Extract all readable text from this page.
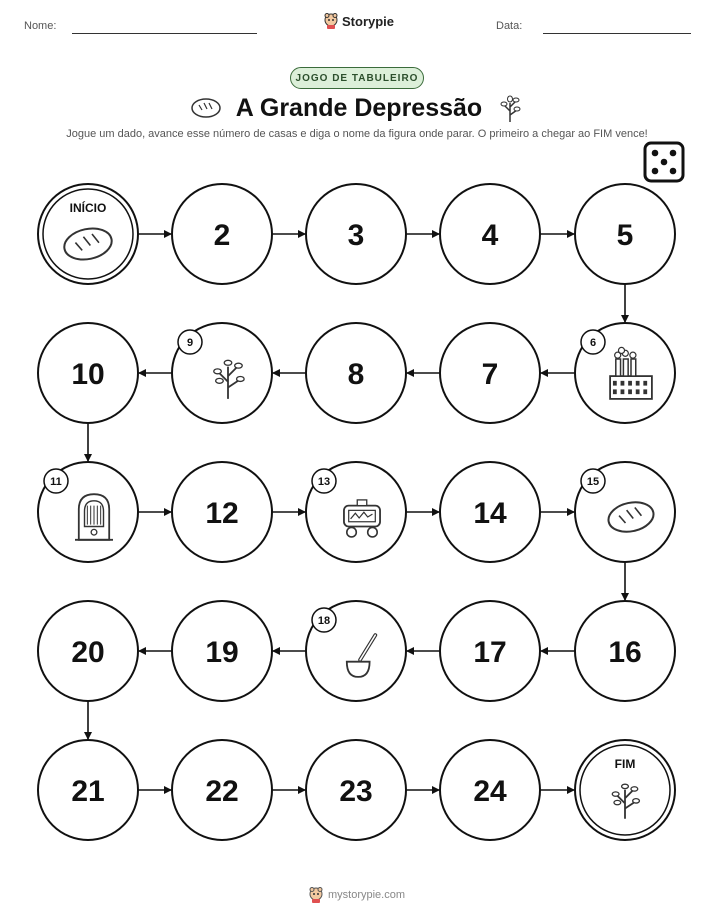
Nome:	Data:
Storypie
JOGO DE TABULEIRO
A Grande Depressão
Jogue um dado, avance esse número de casas e diga o nome da figura onde parar. O primeiro a chegar ao FIM vence!
INÍCIO
2	3	4	5
6
7
8
9
10
11
12
13
14
15
16
17
18
19
20
21	22	23	24
FIM
mystorypie.com
